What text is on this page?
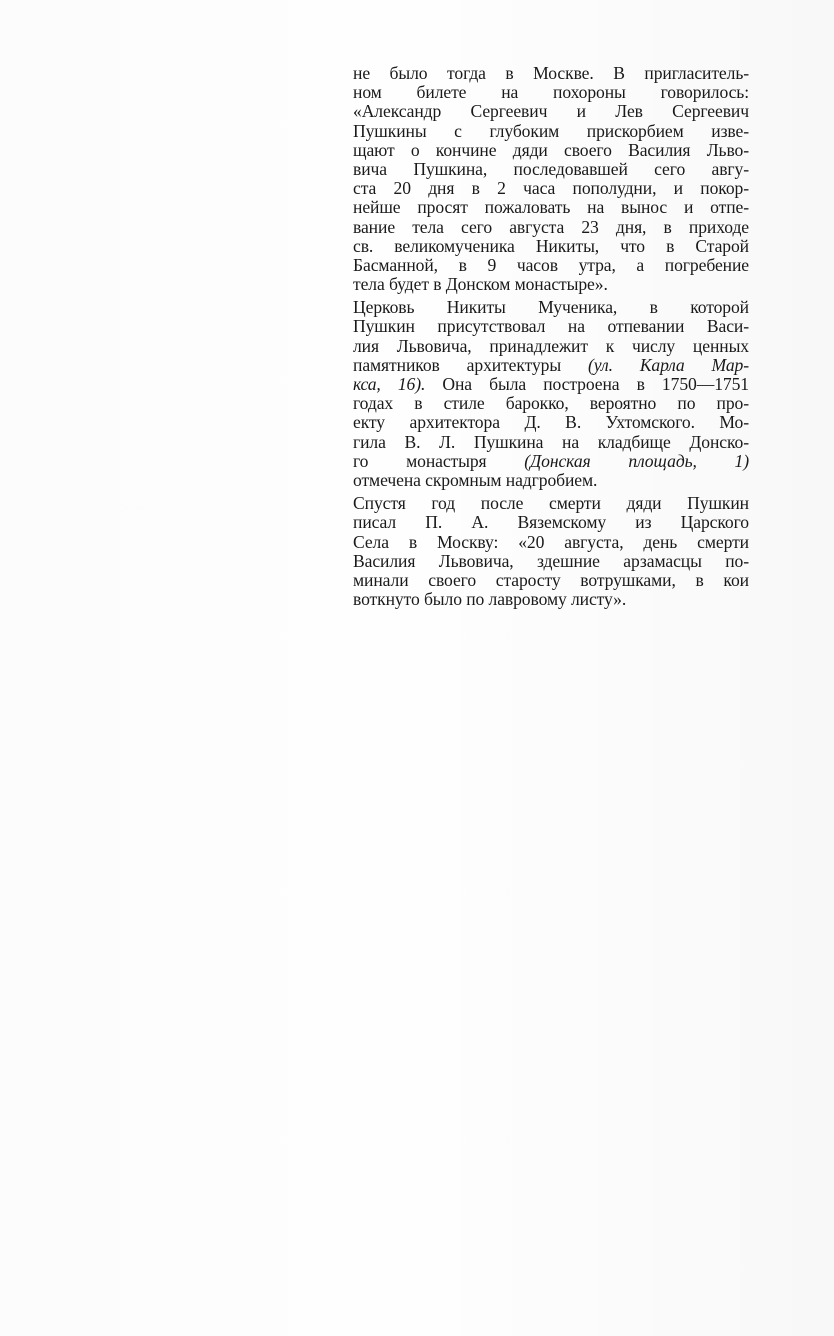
не было тогда в Москве. В пригласитель-
ном билете на похороны говорилось:
«Александр Сергеевич и Лев Сергеевич
Пушкины с глубоким прискорбием изве-
щают о кончине дяди своего Василия Льво-
вича Пушкина, последовавшей сего авгу-
ста 20 дня в 2 часа пополудни, и покор-
нейше просят пожаловать на вынос и отпе-
вание тела сего августа 23 дня, в приходе
св. великомученика Никиты, что в Старой
Басманной, в 9 часов утра, а погребение
тела будет в Донском монастыре».

Церковь Никиты Мученика, в которой
Пушкин присутствовал на отпевании Васи-
лия Львовича, принадлежит к числу ценных
памятников архитектуры (ул. Карла Мар-
кса, 16). Она была построена в 1750—1751
годах в стиле барокко, вероятно по про-
екту архитектора Д. В. Ухтомского. Мо-
гила В. Л. Пушкина на кладбище Донско-
го монастыря (Донская площадь, 1)
отмечена скромным надгробием.

Спустя год после смерти дяди Пушкин
писал П. А. Вяземскому из Царского
Села в Москву: «20 августа, день смерти
Василия Львовича, здешние арзамасцы по-
минали своего старосту вотрушками, в кои
воткнуто было по лавровому листу».
